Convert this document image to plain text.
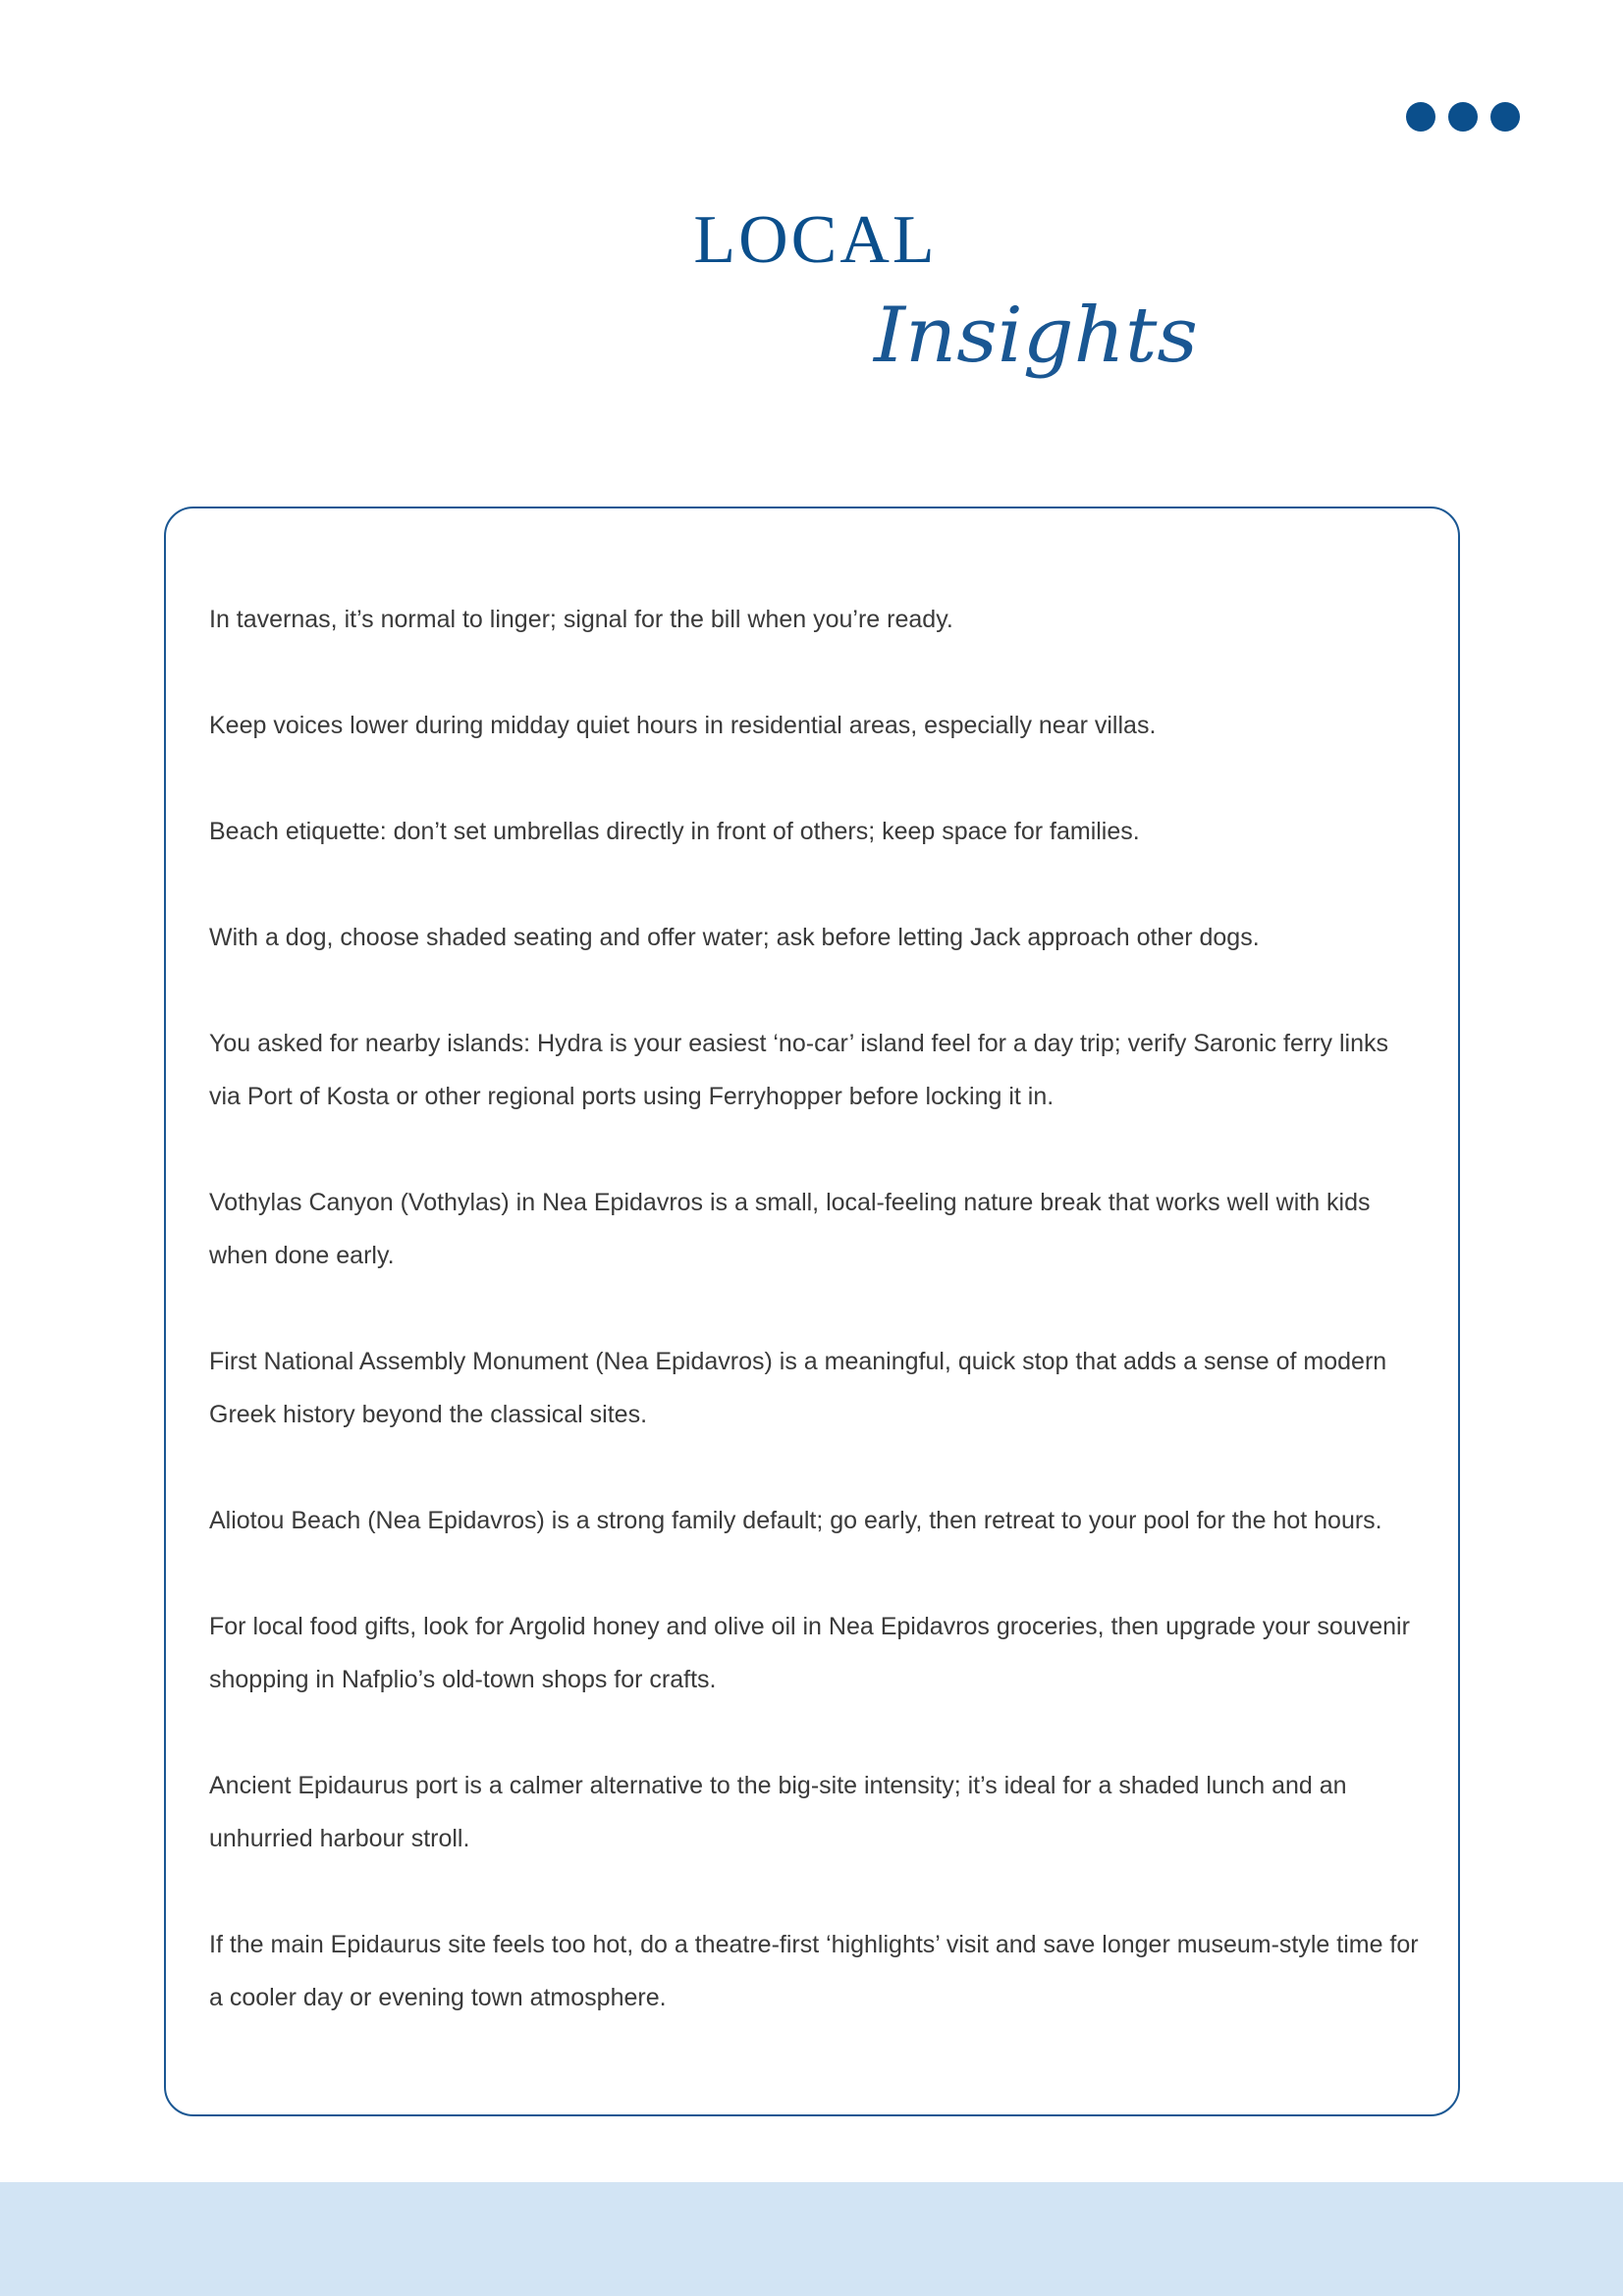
LOCAL
Insights
In tavernas, it’s normal to linger; signal for the bill when you’re ready.
Keep voices lower during midday quiet hours in residential areas, especially near villas.
Beach etiquette: don’t set umbrellas directly in front of others; keep space for families.
With a dog, choose shaded seating and offer water; ask before letting Jack approach other dogs.
You asked for nearby islands: Hydra is your easiest ‘no-car’ island feel for a day trip; verify Saronic ferry links via Port of Kosta or other regional ports using Ferryhopper before locking it in.
Vothylas Canyon (Vothylas) in Nea Epidavros is a small, local-feeling nature break that works well with kids when done early.
First National Assembly Monument (Nea Epidavros) is a meaningful, quick stop that adds a sense of modern Greek history beyond the classical sites.
Aliotou Beach (Nea Epidavros) is a strong family default; go early, then retreat to your pool for the hot hours.
For local food gifts, look for Argolid honey and olive oil in Nea Epidavros groceries, then upgrade your souvenir shopping in Nafplio’s old-town shops for crafts.
Ancient Epidaurus port is a calmer alternative to the big-site intensity; it’s ideal for a shaded lunch and an unhurried harbour stroll.
If the main Epidaurus site feels too hot, do a theatre-first ‘highlights’ visit and save longer museum-style time for a cooler day or evening town atmosphere.
